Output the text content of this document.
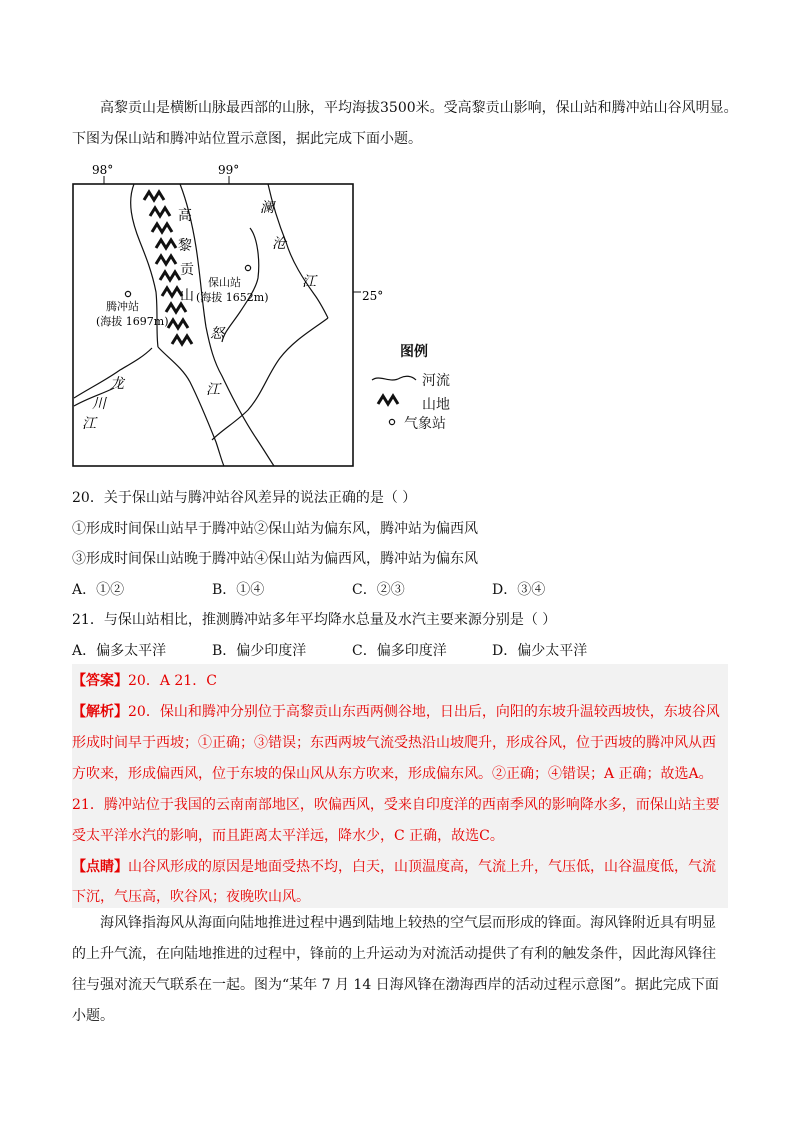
高黎贡山是横断山脉最西部的山脉，平均海拔3500米。受高黎贡山影响，保山站和腾冲站山谷风明显。
下图为保山站和腾冲站位置示意图，据此完成下面小题。
98°	99°
25°
高
黎
贡
山
澜
沧
江
怒
江
龙
川
江
腾冲站
(海拔 1697m)
保山站
(海拔 1652m)
图例
河流
山地
气象站
20．关于保山站与腾冲站谷风差异的说法正确的是（ ）
①形成时间保山站早于腾冲站②保山站为偏东风，腾冲站为偏西风
③形成时间保山站晚于腾冲站④保山站为偏西风，腾冲站为偏东风
A．①②	B．①④	C．②③	D．③④
21．与保山站相比，推测腾冲站多年平均降水总量及水汽主要来源分别是（ ）
A．偏多太平洋	B．偏少印度洋	C．偏多印度洋	D．偏少太平洋
【答案】20．A 21．C
【解析】20．保山和腾冲分别位于高黎贡山东西两侧谷地，日出后，向阳的东坡升温较西坡快，东坡谷风
形成时间早于西坡；①正确；③错误；东西两坡气流受热沿山坡爬升，形成谷风，位于西坡的腾冲风从西
方吹来，形成偏西风，位于东坡的保山风从东方吹来，形成偏东风。②正确；④错误；A 正确；故选A。
21．腾冲站位于我国的云南南部地区，吹偏西风，受来自印度洋的西南季风的影响降水多，而保山站主要
受太平洋水汽的影响，而且距离太平洋远，降水少，C 正确，故选C。
【点睛】山谷风形成的原因是地面受热不均，白天，山顶温度高，气流上升，气压低，山谷温度低，气流
下沉，气压高，吹谷风；夜晚吹山风。
海风锋指海风从海面向陆地推进过程中遇到陆地上较热的空气层而形成的锋面。海风锋附近具有明显
的上升气流，在向陆地推进的过程中，锋前的上升运动为对流活动提供了有利的触发条件，因此海风锋往
往与强对流天气联系在一起。图为“某年 7 月 14 日海风锋在渤海西岸的活动过程示意图”。据此完成下面
小题。
